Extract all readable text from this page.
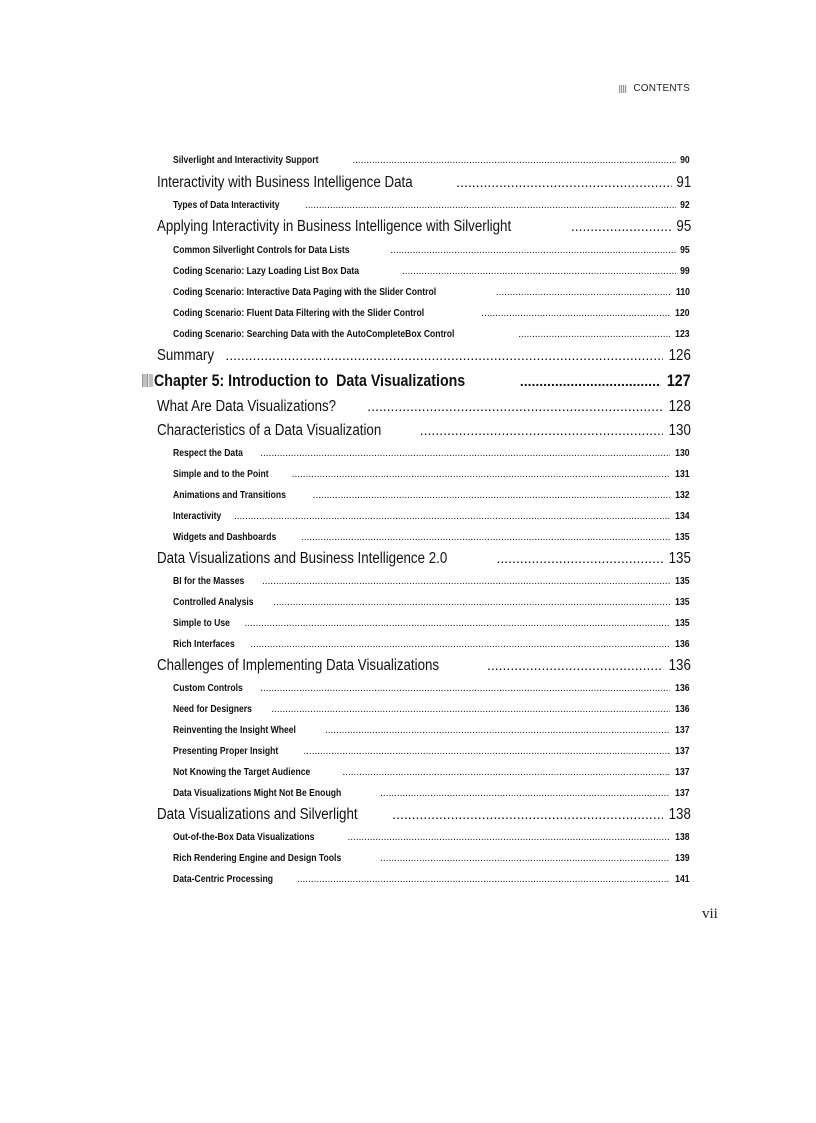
CONTENTS
Silverlight and Interactivity Support .....	90
Interactivity with Business Intelligence Data .....	91
Types of Data Interactivity .....	92
Applying Interactivity in Business Intelligence with Silverlight .....	95
Common Silverlight Controls for Data Lists .....	95
Coding Scenario: Lazy Loading List Box Data .....	99
Coding Scenario: Interactive Data Paging with the Slider Control .....	110
Coding Scenario: Fluent Data Filtering with the Slider Control .....	120
Coding Scenario: Searching Data with the AutoCompleteBox Control .....	123
Summary .....	126
Chapter 5: Introduction to  Data Visualizations .....	127
What Are Data Visualizations? .....	128
Characteristics of a Data Visualization .....	130
Respect the Data .....	130
Simple and to the Point .....	131
Animations and Transitions .....	132
Interactivity .....	134
Widgets and Dashboards .....	135
Data Visualizations and Business Intelligence 2.0 .....	135
BI for the Masses .....	135
Controlled Analysis .....	135
Simple to Use .....	135
Rich Interfaces .....	136
Challenges of Implementing Data Visualizations .....	136
Custom Controls .....	136
Need for Designers .....	136
Reinventing the Insight Wheel .....	137
Presenting Proper Insight .....	137
Not Knowing the Target Audience .....	137
Data Visualizations Might Not Be Enough .....	137
Data Visualizations and Silverlight .....	138
Out-of-the-Box Data Visualizations .....	138
Rich Rendering Engine and Design Tools .....	139
Data-Centric Processing .....	141
vii
